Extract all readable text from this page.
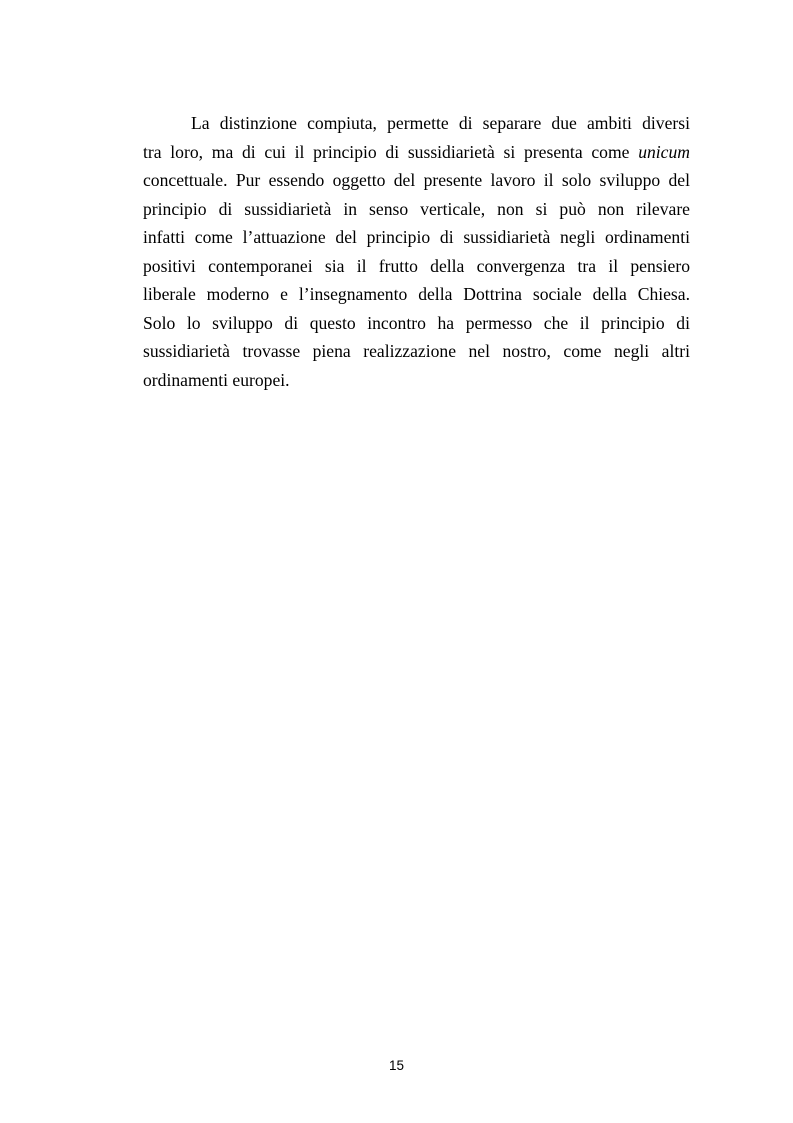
La distinzione compiuta, permette di separare due ambiti diversi
tra loro, ma di cui il principio di sussidiarietà si presenta come unicum
concettuale. Pur essendo oggetto del presente lavoro il solo sviluppo del
principio di sussidiarietà in senso verticale, non si può non rilevare
infatti come l’attuazione del principio di sussidiarietà negli ordinamenti
positivi contemporanei sia il frutto della convergenza tra il pensiero
liberale moderno e l’insegnamento della Dottrina sociale della Chiesa.
Solo lo sviluppo di questo incontro ha permesso che il principio di
sussidiarietà trovasse piena realizzazione nel nostro, come negli altri
ordinamenti europei.
15
